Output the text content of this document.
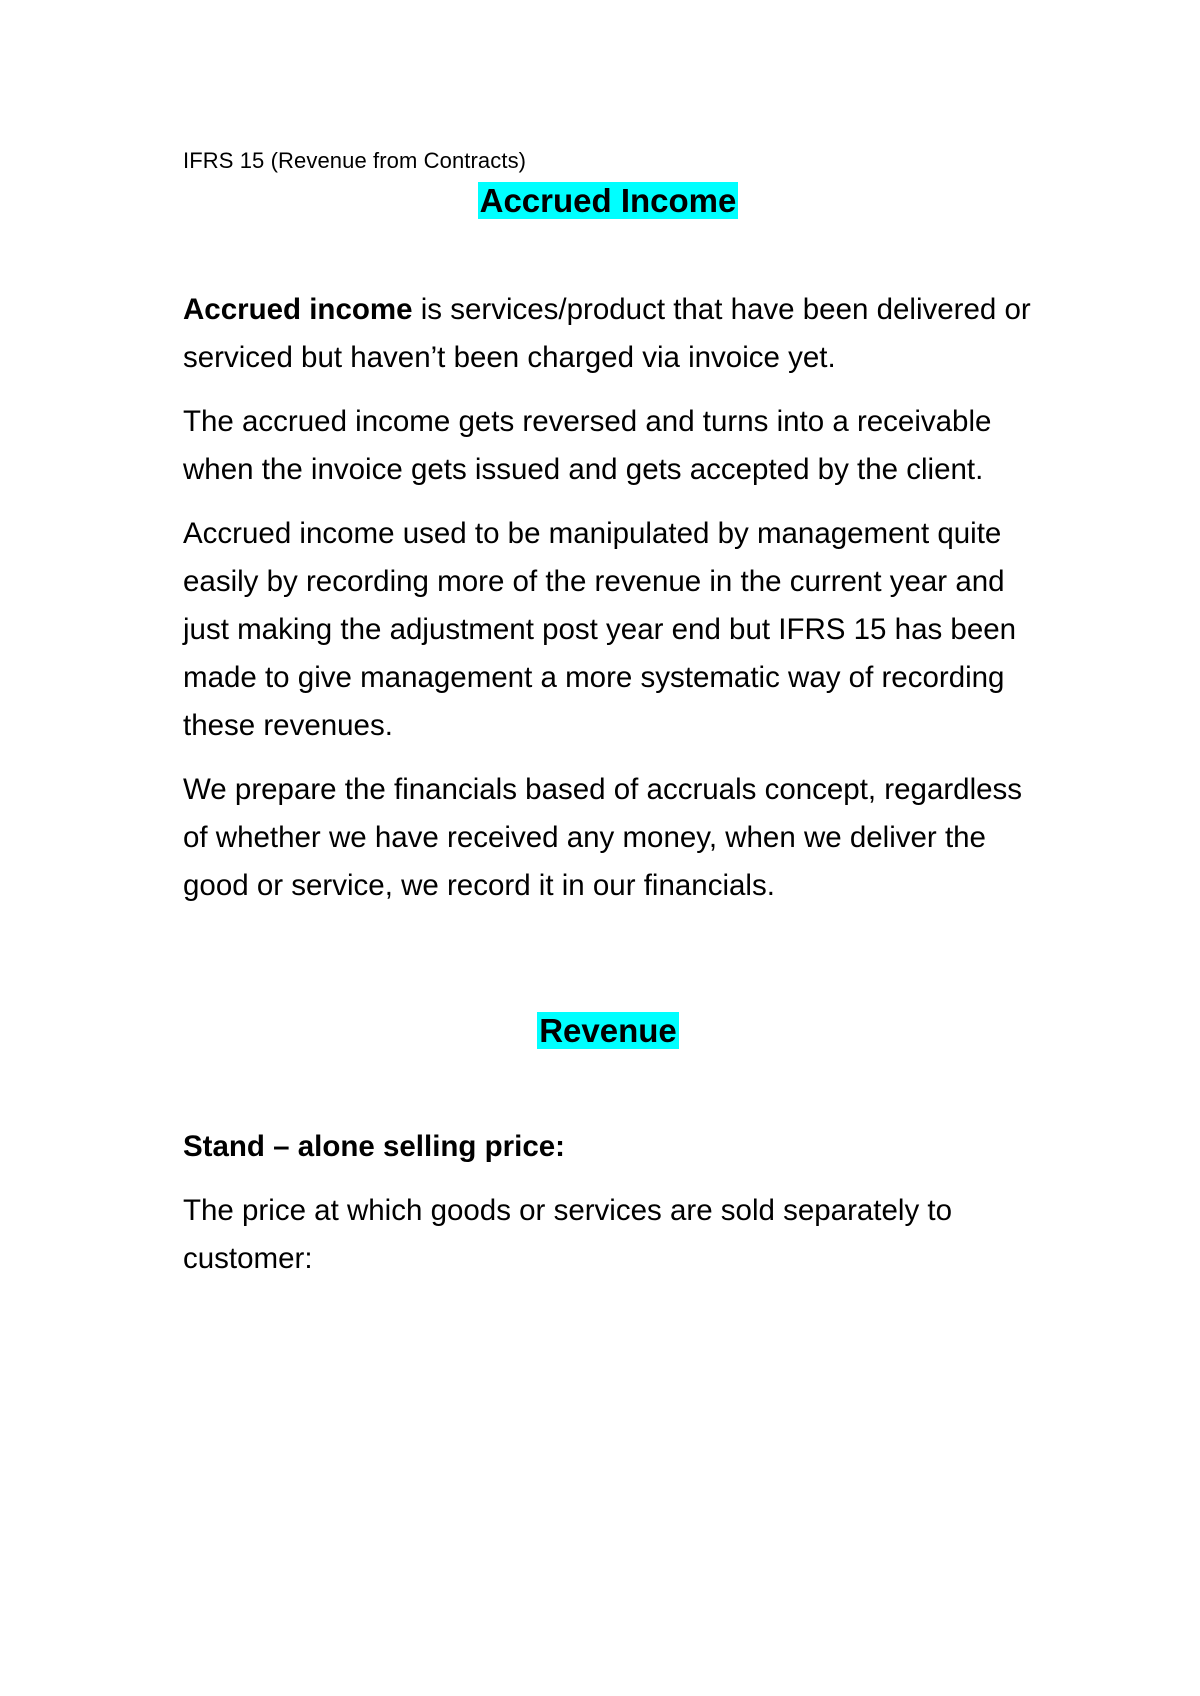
IFRS 15 (Revenue from Contracts)

Accrued Income

Accrued income is services/product that have been delivered or serviced but haven’t been charged via invoice yet.

The accrued income gets reversed and turns into a receivable when the invoice gets issued and gets accepted by the client.

Accrued income used to be manipulated by management quite easily by recording more of the revenue in the current year and just making the adjustment post year end but IFRS 15 has been made to give management a more systematic way of recording these revenues.

We prepare the financials based of accruals concept, regardless of whether we have received any money, when we deliver the good or service, we record it in our financials.

Revenue

Stand – alone selling price:

The price at which goods or services are sold separately to customer:
